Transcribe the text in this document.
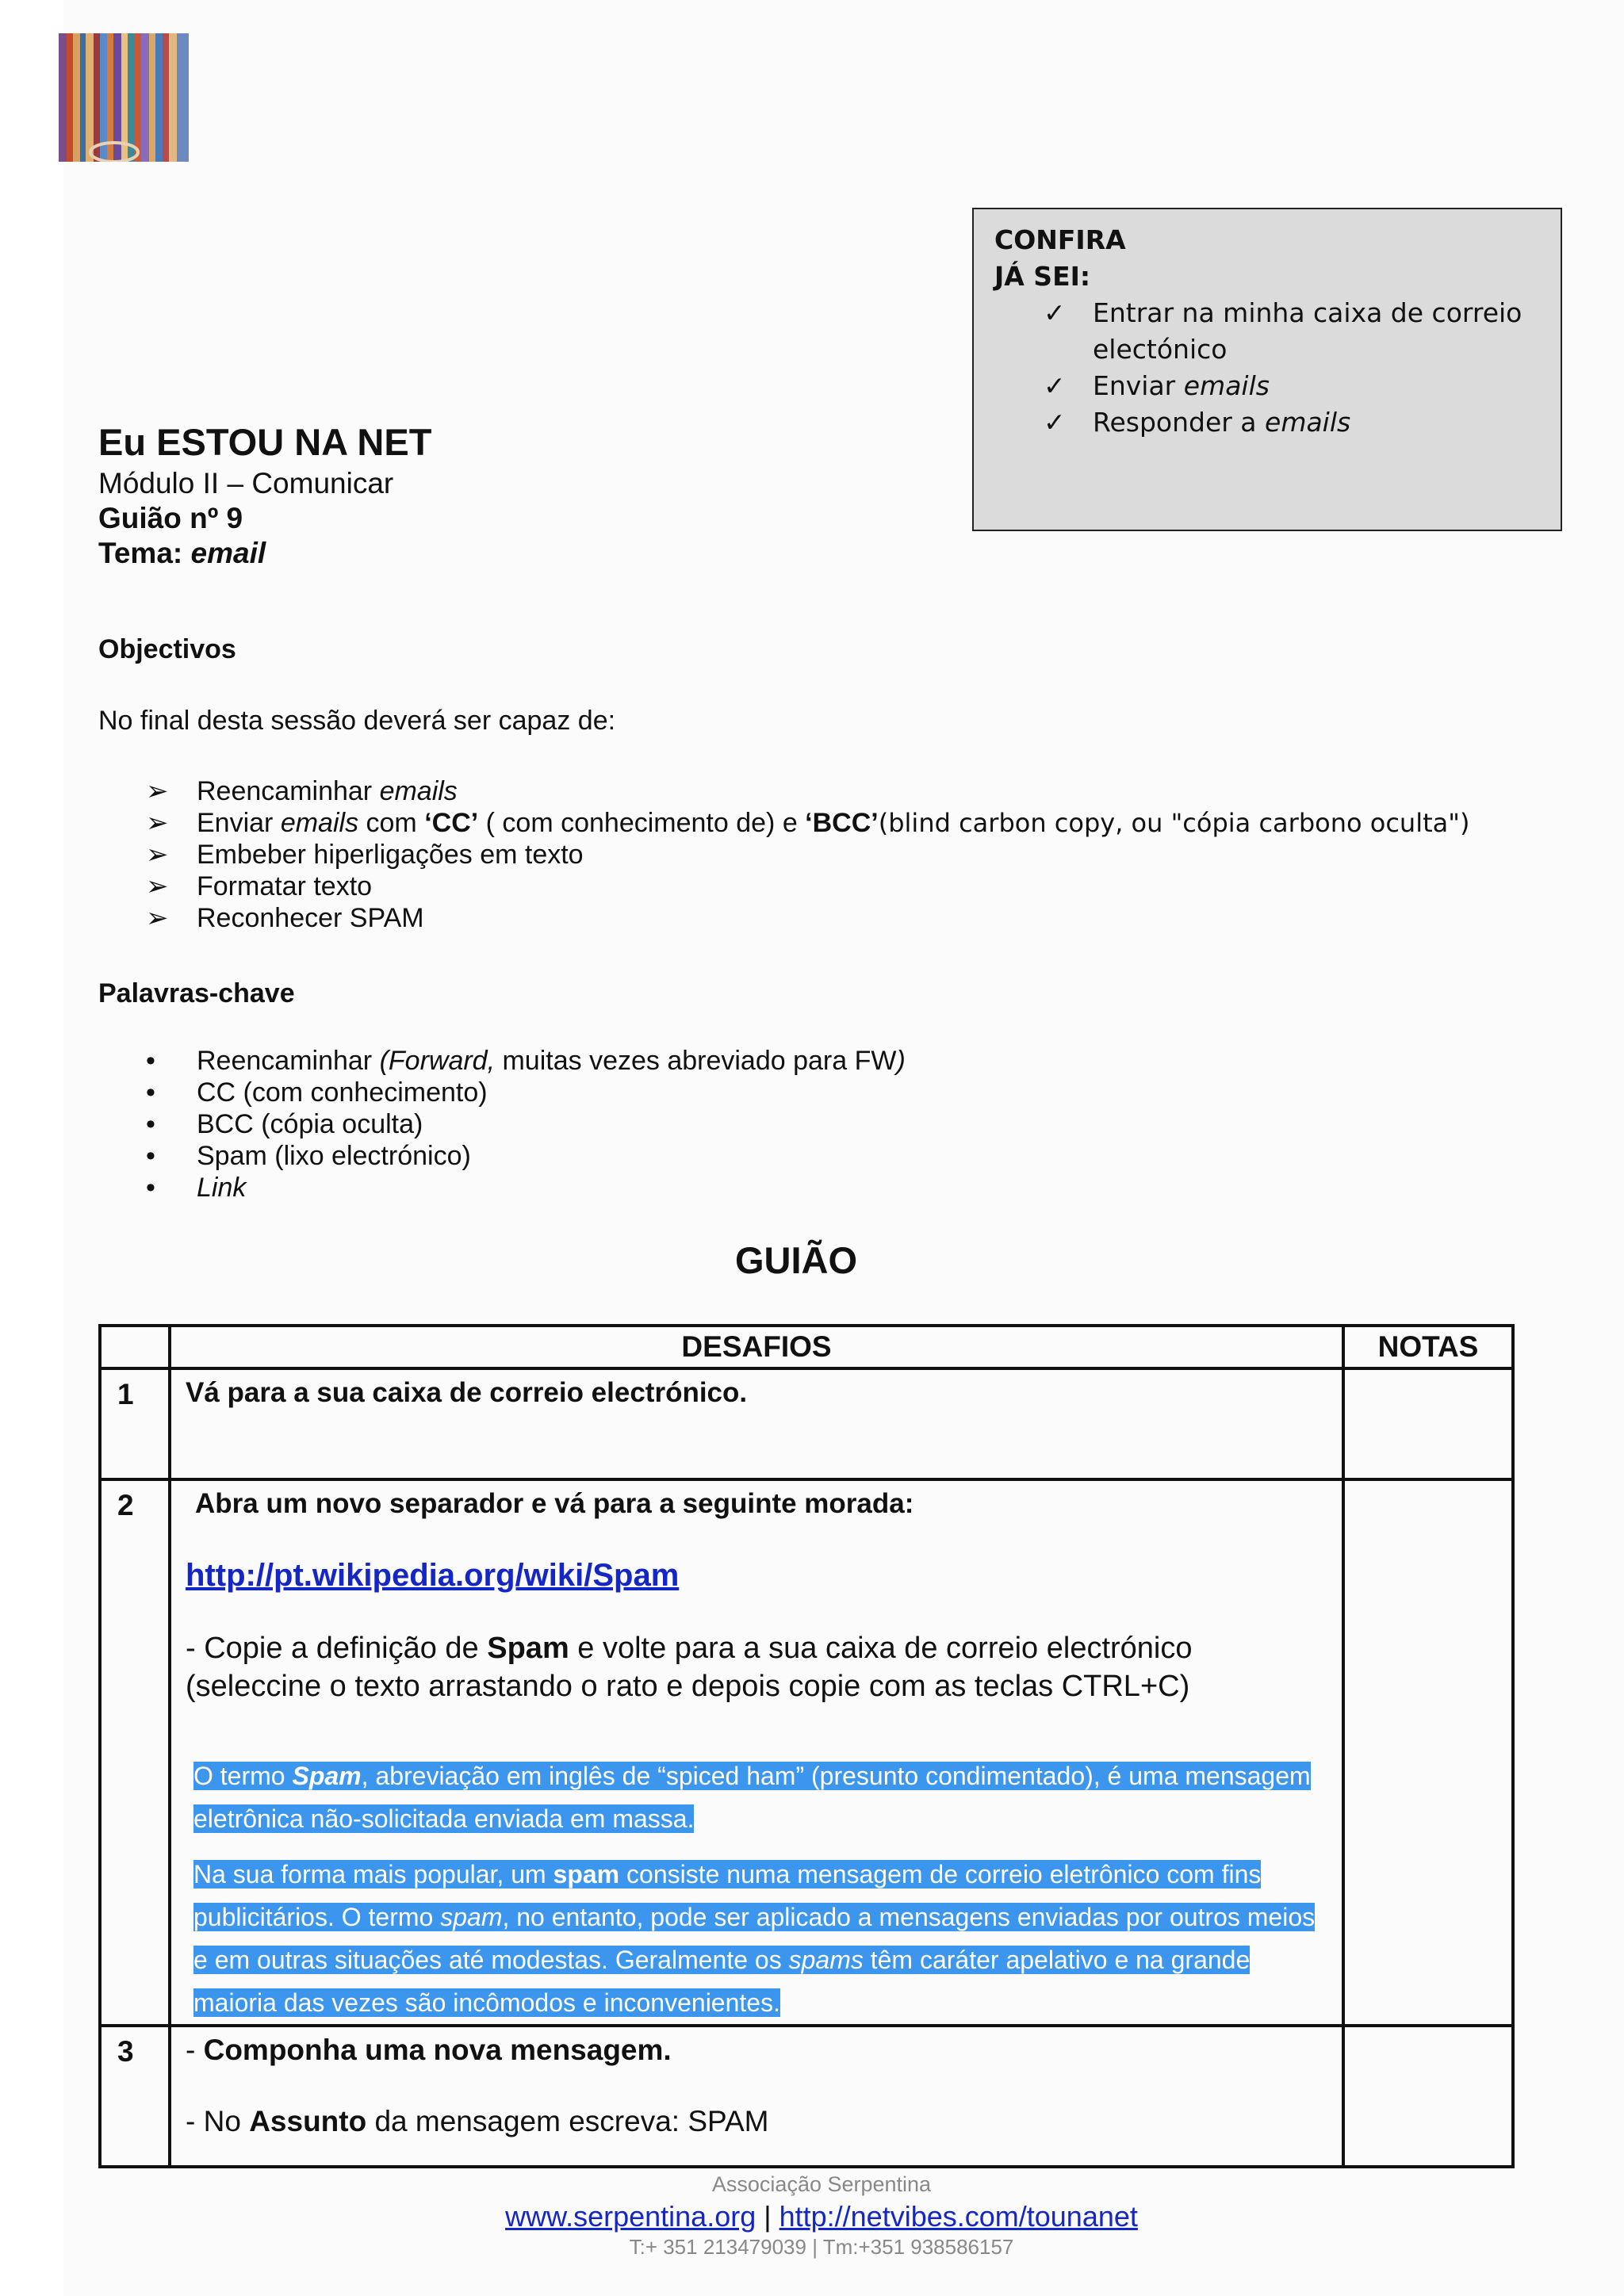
CONFIRA
JÁ SEI:
✓ Entrar na minha caixa de correio electónico
✓ Enviar emails
✓ Responder a emails
Eu ESTOU NA NET
Módulo II – Comunicar
Guião nº 9
Tema: email
Objectivos
No final desta sessão deverá ser capaz de:
➢ Reencaminhar emails
➢ Enviar emails com ‘CC’ ( com conhecimento de) e ‘BCC’(blind carbon copy, ou "cópia carbono oculta")
➢ Embeber hiperligações em texto
➢ Formatar texto
➢ Reconhecer SPAM
Palavras-chave
• Reencaminhar (Forward, muitas vezes abreviado para FW)
• CC (com conhecimento)
• BCC (cópia oculta)
• Spam (lixo electrónico)
• Link
GUIÃO
	DESAFIOS	NOTAS
1	Vá para a sua caixa de correio electrónico.	
2	Abra um novo separador e vá para a seguinte morada:
http://pt.wikipedia.org/wiki/Spam
- Copie a definição de Spam e volte para a sua caixa de correio electrónico (seleccine o texto arrastando o rato e depois copie com as teclas CTRL+C)

O termo Spam, abreviação em inglês de “spiced ham” (presunto condimentado), é uma mensagem eletrônica não-solicitada enviada em massa.

Na sua forma mais popular, um spam consiste numa mensagem de correio eletrônico com fins publicitários. O termo spam, no entanto, pode ser aplicado a mensagens enviadas por outros meios e em outras situações até modestas. Geralmente os spams têm caráter apelativo e na grande maioria das vezes são incômodos e inconvenientes.	

3	- Componha uma nova mensagem.
- No Assunto da mensagem escreva: SPAM	

Associação Serpentina
www.serpentina.org | http://netvibes.com/tounanet
T:+ 351 213479039 | Tm:+351 938586157
